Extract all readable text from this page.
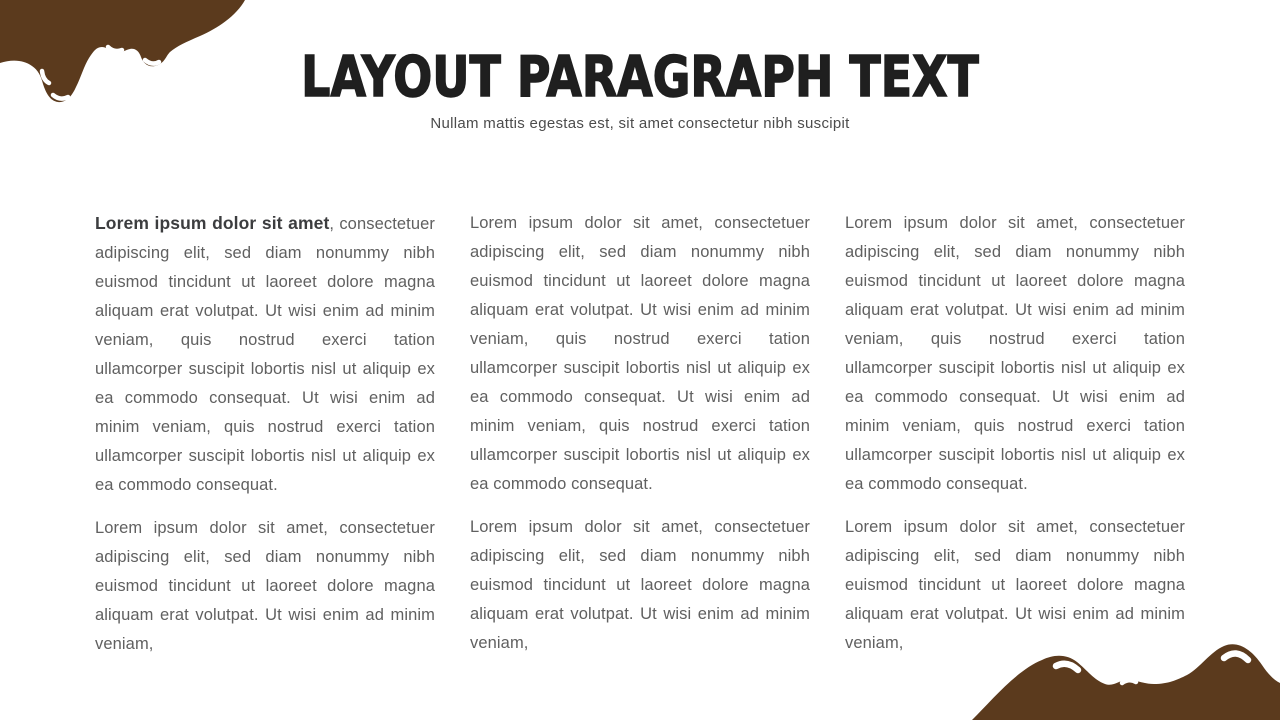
LAYOUT PARAGRAPH TEXT

Nullam mattis egestas est, sit amet consectetur nibh suscipit

Lorem ipsum dolor sit amet, consectetuer adipiscing elit, sed diam nonummy nibh euismod tincidunt ut laoreet dolore magna aliquam erat volutpat. Ut wisi enim ad minim veniam, quis nostrud exerci tation ullamcorper suscipit lobortis nisl ut aliquip ex ea commodo consequat. Ut wisi enim ad minim veniam, quis nostrud exerci tation ullamcorper suscipit lobortis nisl ut aliquip ex ea commodo consequat.

Lorem ipsum dolor sit amet, consectetuer adipiscing elit, sed diam nonummy nibh euismod tincidunt ut laoreet dolore magna aliquam erat volutpat. Ut wisi enim ad minim veniam,

Lorem ipsum dolor sit amet, consectetuer adipiscing elit, sed diam nonummy nibh euismod tincidunt ut laoreet dolore magna aliquam erat volutpat. Ut wisi enim ad minim veniam, quis nostrud exerci tation ullamcorper suscipit lobortis nisl ut aliquip ex ea commodo consequat. Ut wisi enim ad minim veniam, quis nostrud exerci tation ullamcorper suscipit lobortis nisl ut aliquip ex ea commodo consequat.

Lorem ipsum dolor sit amet, consectetuer adipiscing elit, sed diam nonummy nibh euismod tincidunt ut laoreet dolore magna aliquam erat volutpat. Ut wisi enim ad minim veniam,

Lorem ipsum dolor sit amet, consectetuer adipiscing elit, sed diam nonummy nibh euismod tincidunt ut laoreet dolore magna aliquam erat volutpat. Ut wisi enim ad minim veniam, quis nostrud exerci tation ullamcorper suscipit lobortis nisl ut aliquip ex ea commodo consequat. Ut wisi enim ad minim veniam, quis nostrud exerci tation ullamcorper suscipit lobortis nisl ut aliquip ex ea commodo consequat.

Lorem ipsum dolor sit amet, consectetuer adipiscing elit, sed diam nonummy nibh euismod tincidunt ut laoreet dolore magna aliquam erat volutpat. Ut wisi enim ad minim veniam,
